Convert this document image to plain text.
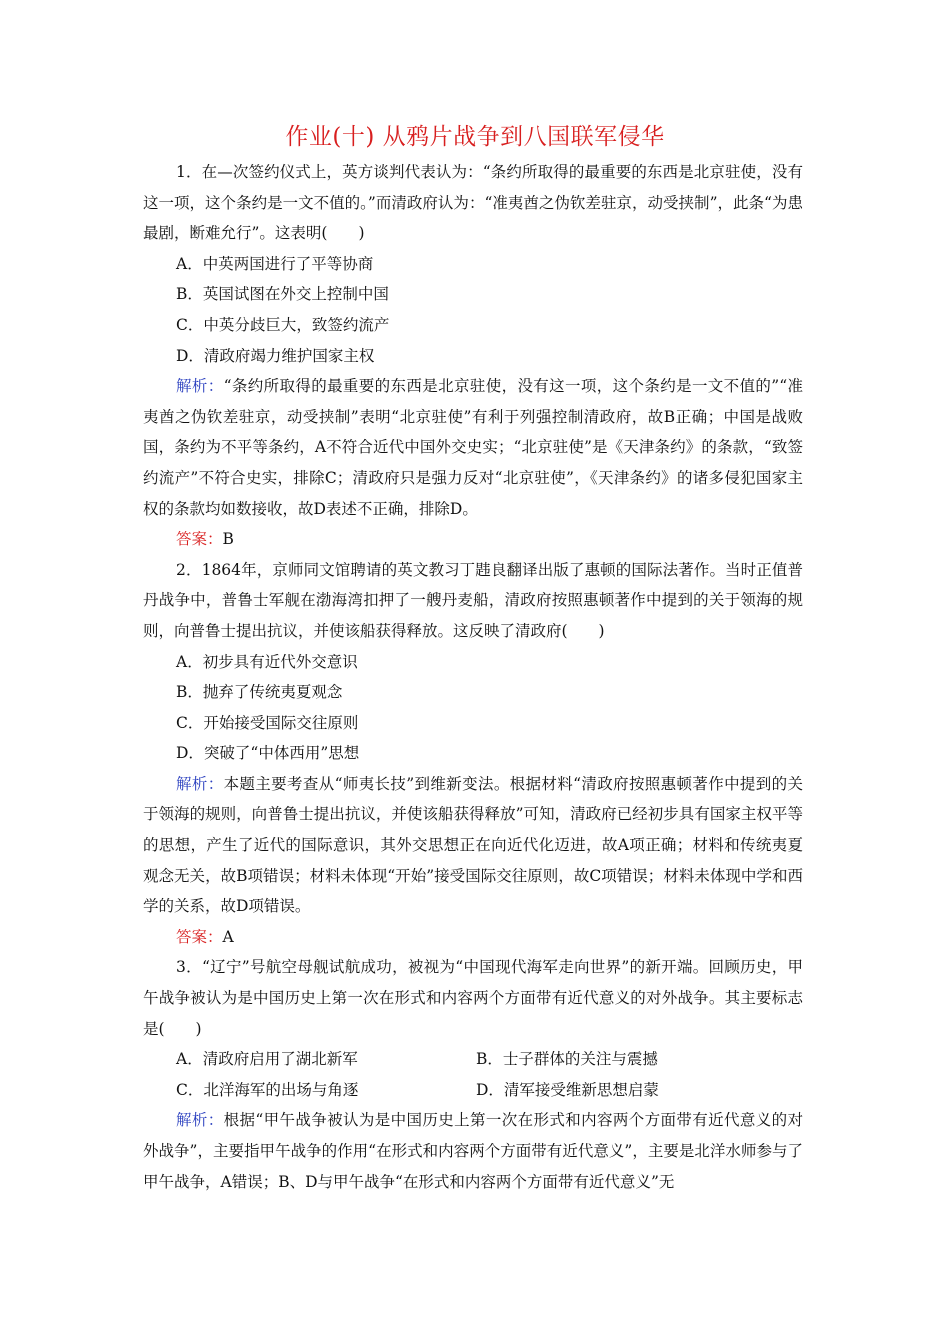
作业(十) 从鸦片战争到八国联军侵华

1．在—次签约仪式上，英方谈判代表认为：“条约所取得的最重要的东西是北京驻使，没有这一项，这个条约是一文不值的。”而清政府认为：“准夷酋之伪钦差驻京，动受挟制”，此条“为患最剧，断难允行”。这表明(　　)

A．中英两国进行了平等协商

B．英国试图在外交上控制中国

C．中英分歧巨大，致签约流产

D．清政府竭力维护国家主权

解析：“条约所取得的最重要的东西是北京驻使，没有这一项，这个条约是一文不值的”“准夷酋之伪钦差驻京，动受挟制”表明“北京驻使”有利于列强控制清政府，故B正确；中国是战败国，条约为不平等条约，A不符合近代中国外交史实；“北京驻使”是《天津条约》的条款，“致签约流产”不符合史实，排除C；清政府只是强力反对“北京驻使”，《天津条约》的诸多侵犯国家主权的条款均如数接收，故D表述不正确，排除D。

答案：B

2．1864年，京师同文馆聘请的英文教习丁韪良翻译出版了惠顿的国际法著作。当时正值普丹战争中，普鲁士军舰在渤海湾扣押了一艘丹麦船，清政府按照惠顿著作中提到的关于领海的规则，向普鲁士提出抗议，并使该船获得释放。这反映了清政府(　　)

A．初步具有近代外交意识

B．抛弃了传统夷夏观念

C．开始接受国际交往原则

D．突破了“中体西用”思想

解析：本题主要考查从“师夷长技”到维新变法。根据材料“清政府按照惠顿著作中提到的关于领海的规则，向普鲁士提出抗议，并使该船获得释放”可知，清政府已经初步具有国家主权平等的思想，产生了近代的国际意识，其外交思想正在向近代化迈进，故A项正确；材料和传统夷夏观念无关，故B项错误；材料未体现“开始”接受国际交往原则，故C项错误；材料未体现中学和西学的关系，故D项错误。

答案：A

3．“辽宁”号航空母舰试航成功，被视为“中国现代海军走向世界”的新开端。回顾历史，甲午战争被认为是中国历史上第一次在形式和内容两个方面带有近代意义的对外战争。其主要标志是(　　)

A．清政府启用了湖北新军	B．士子群体的关注与震撼
C．北洋海军的出场与角逐	D．清军接受维新思想启蒙

解析：根据“甲午战争被认为是中国历史上第一次在形式和内容两个方面带有近代意义的对外战争”，主要指甲午战争的作用“在形式和内容两个方面带有近代意义”，主要是北洋水师参与了甲午战争，A错误；B、D与甲午战争“在形式和内容两个方面带有近代意义”无
